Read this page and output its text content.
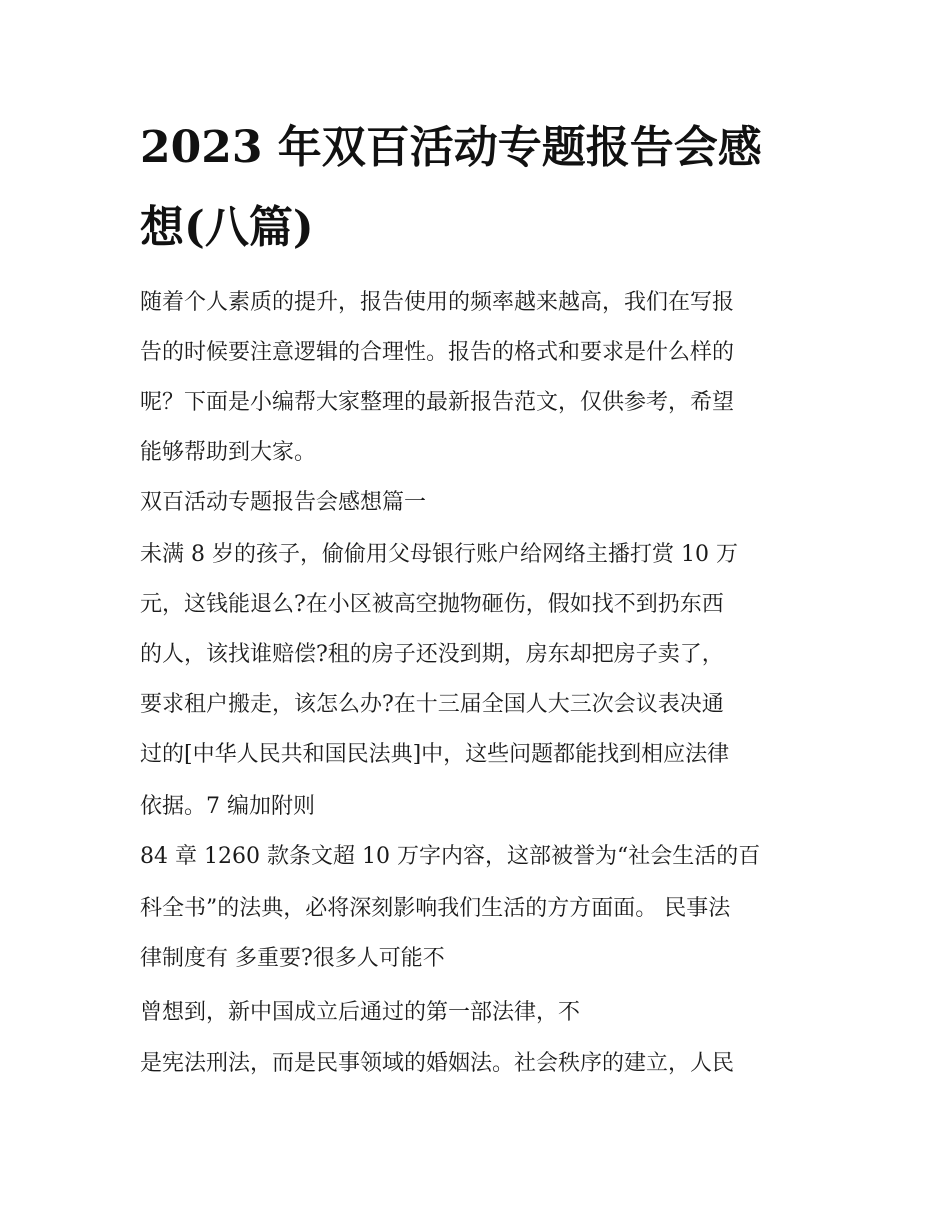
2023 年双百活动专题报告会感
想(八篇)
随着个人素质的提升，报告使用的频率越来越高，我们在写报
告的时候要注意逻辑的合理性。报告的格式和要求是什么样的
呢？下面是小编帮大家整理的最新报告范文，仅供参考，希望
能够帮助到大家。
双百活动专题报告会感想篇一
未满 8 岁的孩子，偷偷用父母银行账户给网络主播打赏 10 万
元，这钱能退么?在小区被高空抛物砸伤，假如找不到扔东西
的人，该找谁赔偿?租的房子还没到期，房东却把房子卖了，
要求租户搬走，该怎么办?在十三届全国人大三次会议表决通
过的[中华人民共和国民法典]中，这些问题都能找到相应法律
依据。7 编加附则
84 章 1260 款条文超 10 万字内容，这部被誉为“社会生活的百
科全书”的法典，必将深刻影响我们生活的方方面面。 民事法
律制度有 多重要?很多人可能不
曾想到，新中国成立后通过的第一部法律，不
是宪法刑法，而是民事领域的婚姻法。社会秩序的建立，人民
